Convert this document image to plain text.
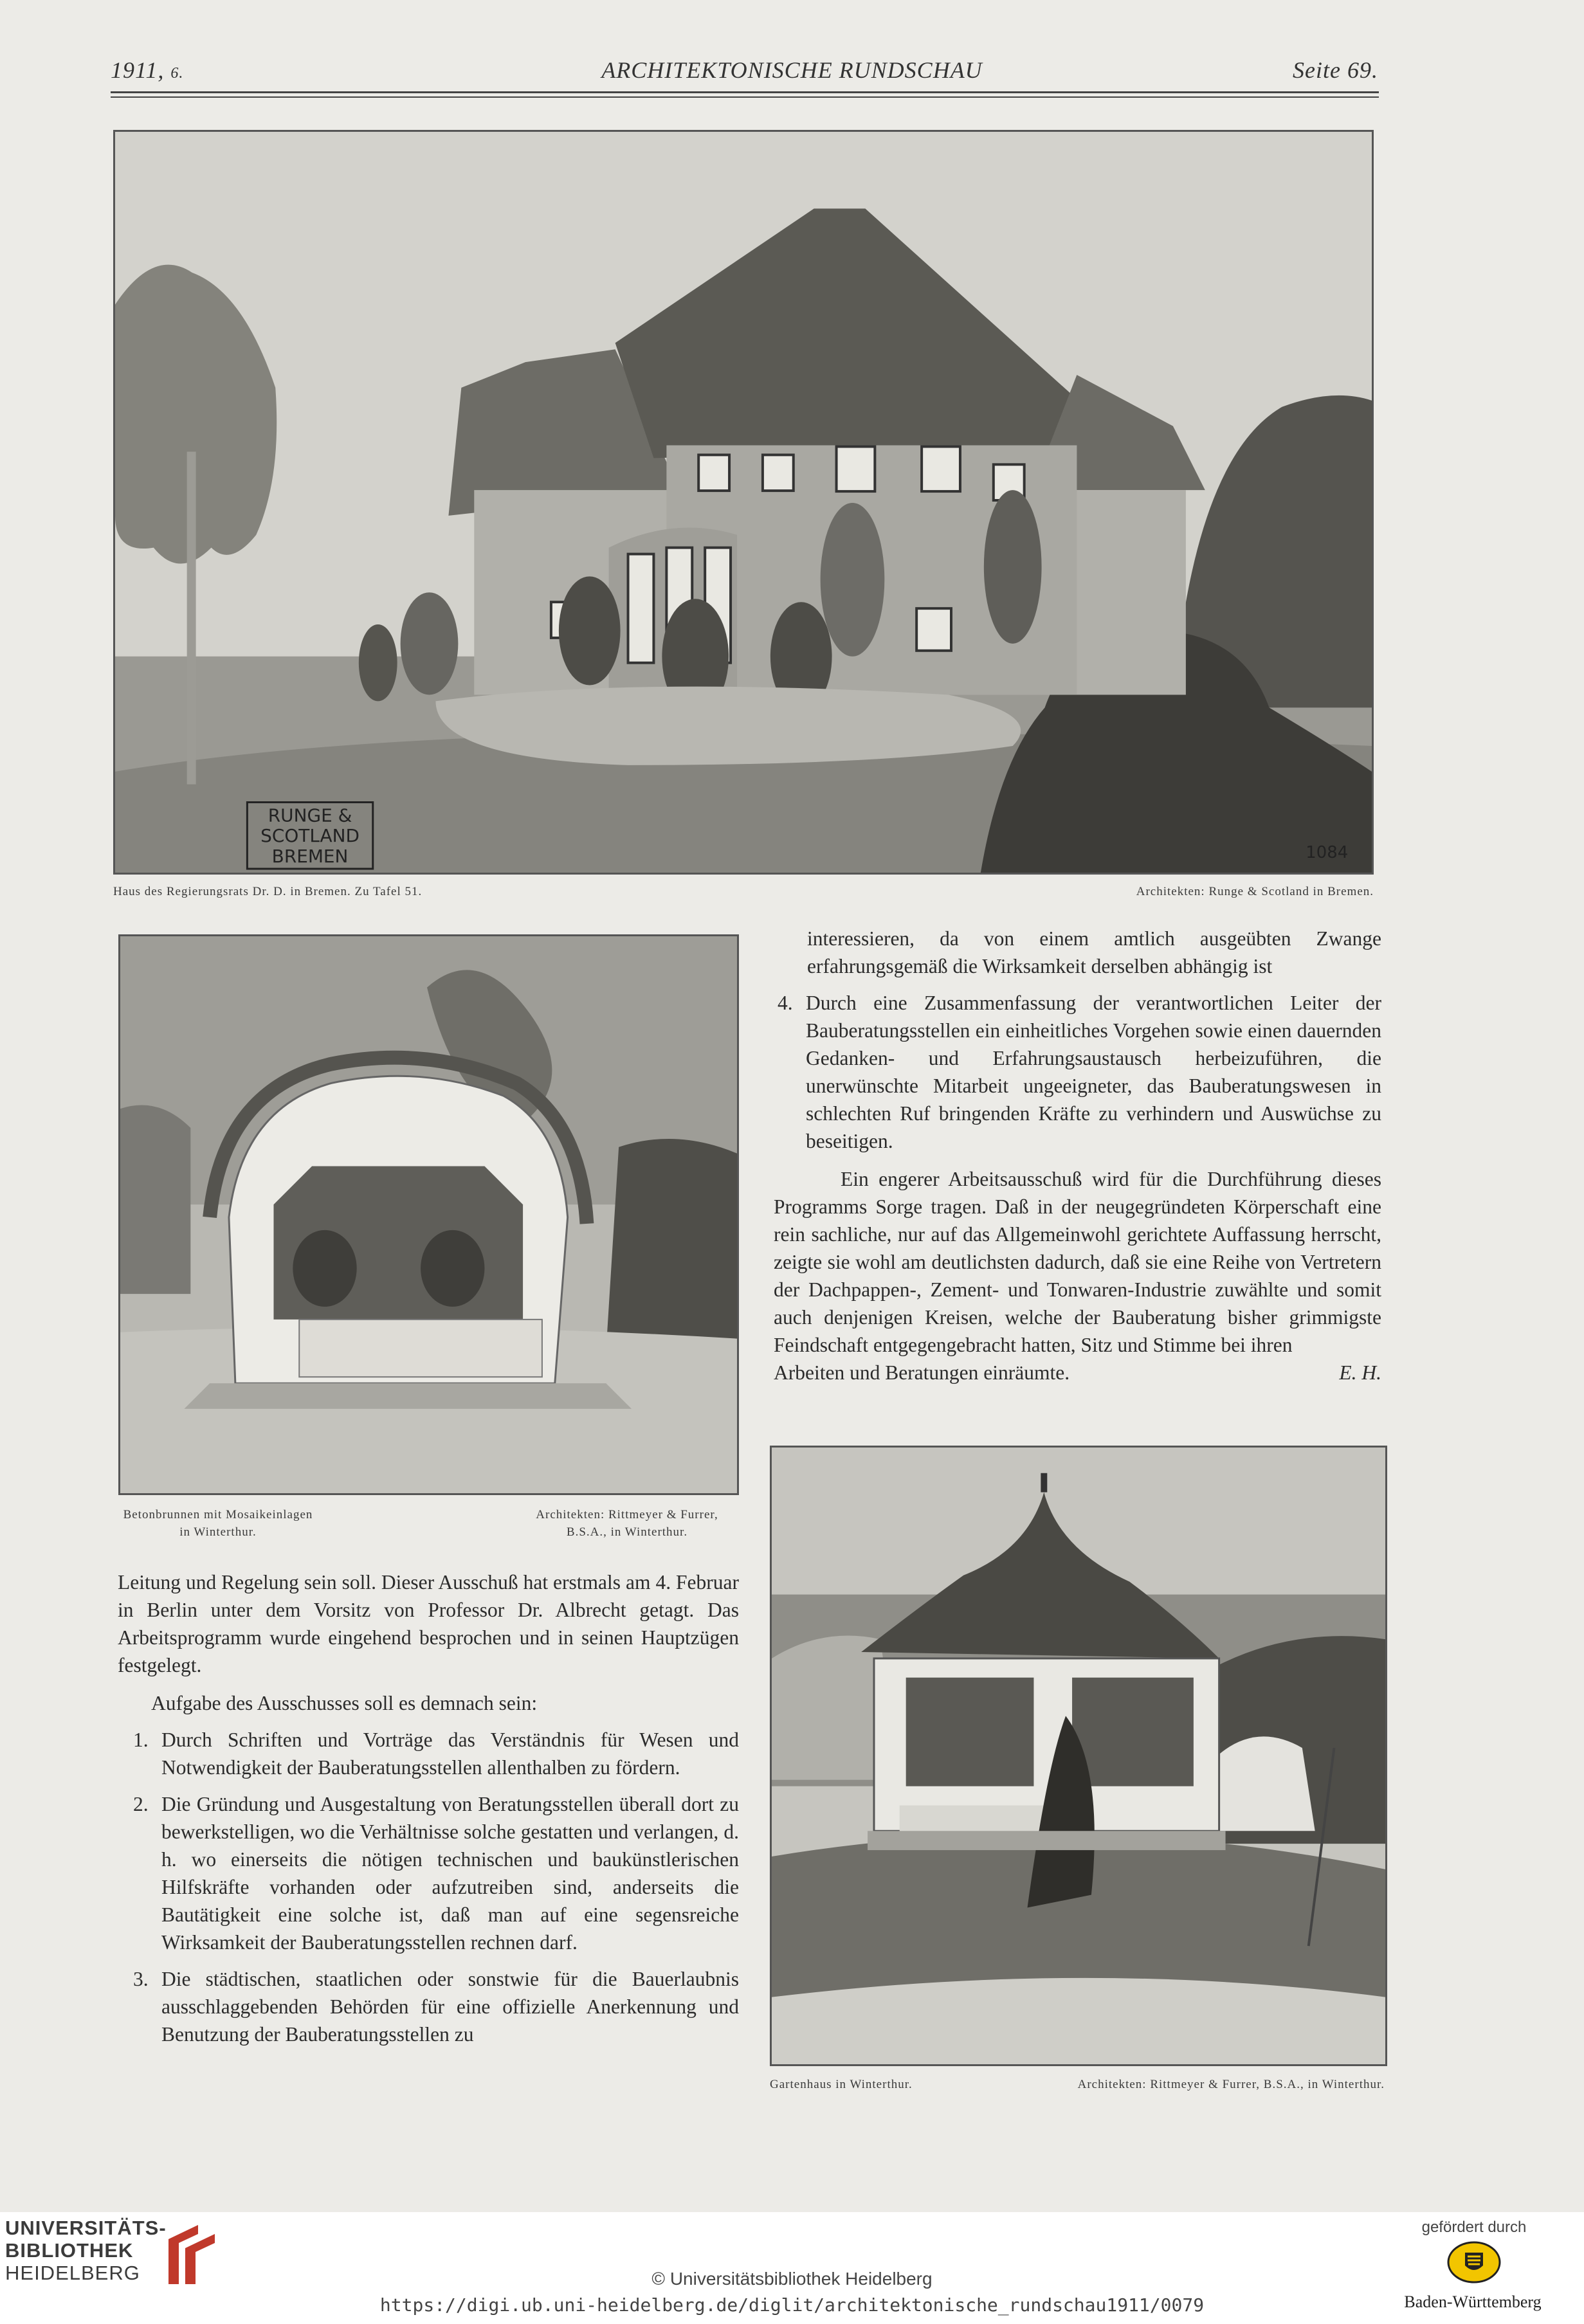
1911, 6.	ARCHITEKTONISCHE RUNDSCHAU	Seite 69.
RUNGE &
SCOTLAND
BREMEN	1084
Haus des Regierungsrats Dr. D. in Bremen. Zu Tafel 51.	Architekten: Runge & Scotland in Bremen.
Betonbrunnen mit Mosaikeinlagen
in Winterthur.
Architekten: Rittmeyer & Furrer,
B.S.A., in Winterthur.
Gartenhaus in Winterthur.	Architekten: Rittmeyer & Furrer, B.S.A., in Winterthur.

interessieren, da von einem amtlich ausgeübten Zwange erfahrungsgemäß die Wirksamkeit derselben abhängig ist

4. Durch eine Zusammenfassung der verantwortlichen Leiter der Bauberatungsstellen ein einheitliches Vorgehen sowie einen dauernden Gedanken- und Erfahrungsaustausch herbeizuführen, die unerwünschte Mitarbeit ungeeigneter, das Bauberatungswesen in schlechten Ruf bringenden Kräfte zu verhindern und Auswüchse zu beseitigen.

Ein engerer Arbeitsausschuß wird für die Durchführung dieses Programms Sorge tragen. Daß in der neugegründeten Körperschaft eine rein sachliche, nur auf das Allgemeinwohl gerichtete Auffassung herrscht, zeigte sie wohl am deutlichsten dadurch, daß sie eine Reihe von Vertretern der Dachpappen-, Zement- und Tonwaren-Industrie zuwählte und somit auch denjenigen Kreisen, welche der Bauberatung bisher grimmigste Feindschaft entgegengebracht hatten, Sitz und Stimme bei ihren

Arbeiten und Beratungen einräumte.	E. H.

Leitung und Regelung sein soll. Dieser Ausschuß hat erstmals am 4. Februar in Berlin unter dem Vorsitz von Professor Dr. Albrecht getagt. Das Arbeitsprogramm wurde eingehend besprochen und in seinen Hauptzügen festgelegt.

Aufgabe des Ausschusses soll es demnach sein:

1. Durch Schriften und Vorträge das Verständnis für Wesen und Notwendigkeit der Bauberatungsstellen allenthalben zu fördern.
2. Die Gründung und Ausgestaltung von Beratungsstellen überall dort zu bewerkstelligen, wo die Verhältnisse solche gestatten und verlangen, d. h. wo einerseits die nötigen technischen und baukünstlerischen Hilfskräfte vorhanden oder aufzutreiben sind, anderseits die Bautätigkeit eine solche ist, daß man auf eine segensreiche Wirksamkeit der Bauberatungsstellen rechnen darf.
3. Die städtischen, staatlichen oder sonstwie für die Bauerlaubnis ausschlaggebenden Behörden für eine offizielle Anerkennung und Benutzung der Bauberatungsstellen zu
UNIVERSITÄTS-
BIBLIOTHEK
HEIDELBERG	© Universitätsbibliothek Heidelberg
https://digi.ub.uni-heidelberg.de/diglit/architektonische_rundschau1911/0079
gefördert durch
Baden-Württemberg
